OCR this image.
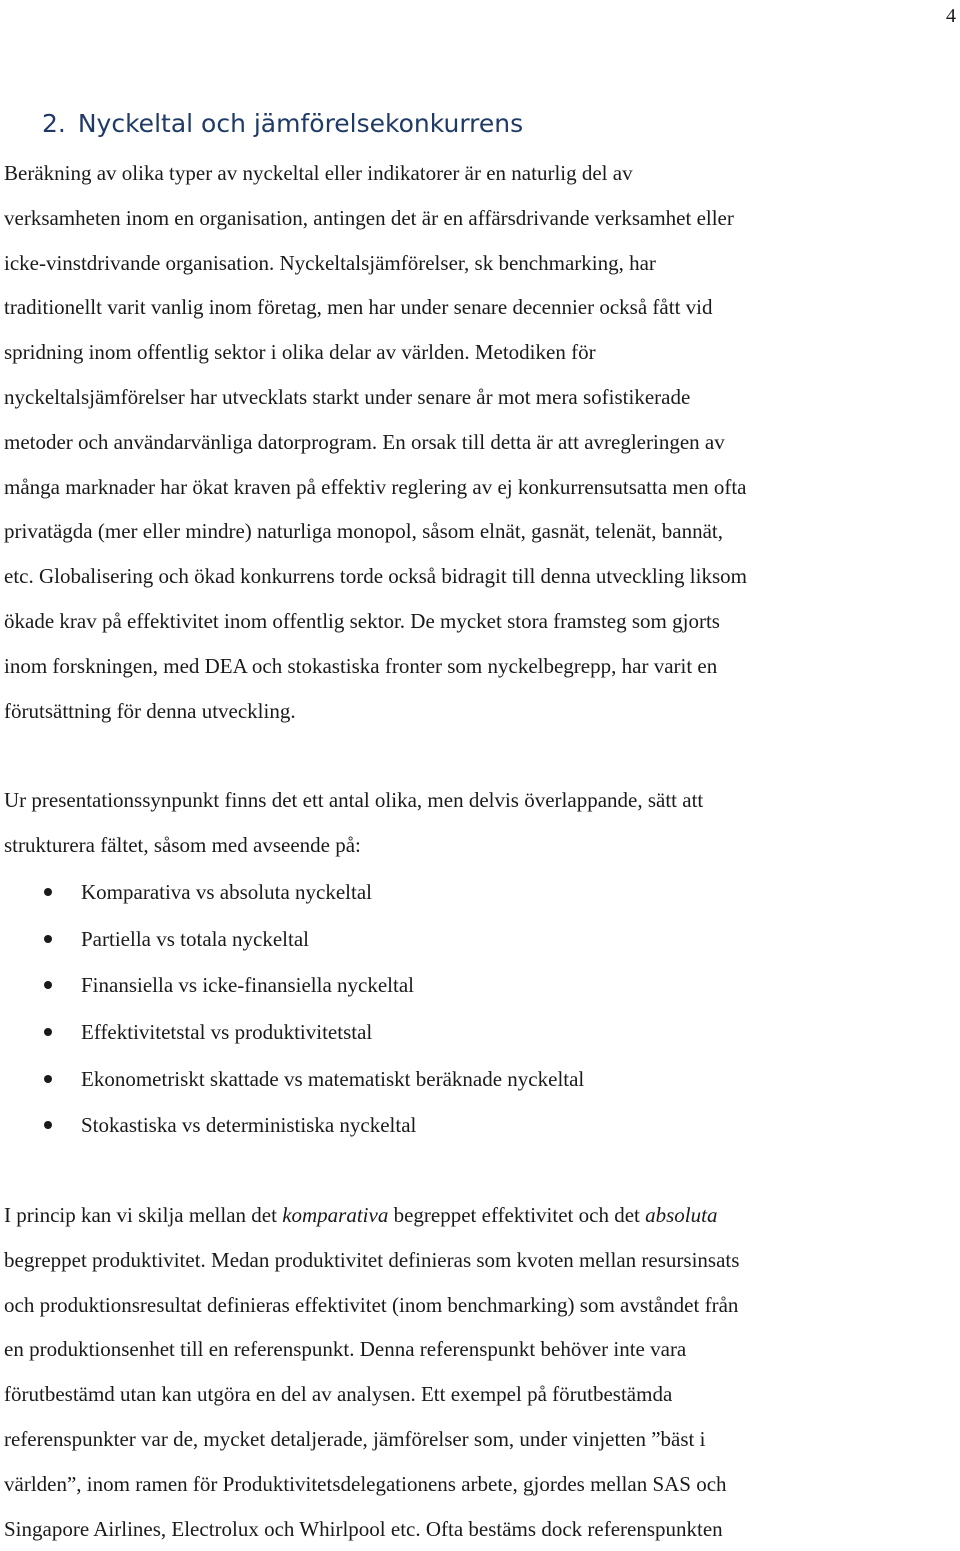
4
2. Nyckeltal och jämförelsekonkurrens

Beräkning av olika typer av nyckeltal eller indikatorer är en naturlig del av
verksamheten inom en organisation, antingen det är en affärsdrivande verksamhet eller
icke-vinstdrivande organisation. Nyckeltalsjämförelser, sk benchmarking, har
traditionellt varit vanlig inom företag, men har under senare decennier också fått vid
spridning inom offentlig sektor i olika delar av världen. Metodiken för
nyckeltalsjämförelser har utvecklats starkt under senare år mot mera sofistikerade
metoder och användarvänliga datorprogram. En orsak till detta är att avregleringen av
många marknader har ökat kraven på effektiv reglering av ej konkurrensutsatta men ofta
privatägda (mer eller mindre) naturliga monopol, såsom elnät, gasnät, telenät, bannät,
etc. Globalisering och ökad konkurrens torde också bidragit till denna utveckling liksom
ökade krav på effektivitet inom offentlig sektor. De mycket stora framsteg som gjorts
inom forskningen, med DEA och stokastiska fronter som nyckelbegrepp, har varit en
förutsättning för denna utveckling.

Ur presentationssynpunkt finns det ett antal olika, men delvis överlappande, sätt att
strukturera fältet, såsom med avseende på:

Komparativa vs absoluta nyckeltal
Partiella vs totala nyckeltal
Finansiella vs icke-finansiella nyckeltal
Effektivitetstal vs produktivitetstal
Ekonometriskt skattade vs matematiskt beräknade nyckeltal
Stokastiska vs deterministiska nyckeltal

I princip kan vi skilja mellan det komparativa begreppet effektivitet och det absoluta
begreppet produktivitet. Medan produktivitet definieras som kvoten mellan resursinsats
och produktionsresultat definieras effektivitet (inom benchmarking) som avståndet från
en produktionsenhet till en referenspunkt. Denna referenspunkt behöver inte vara
förutbestämd utan kan utgöra en del av analysen. Ett exempel på förutbestämda
referenspunkter var de, mycket detaljerade, jämförelser som, under vinjetten ”bäst i
världen”, inom ramen för Produktivitetsdelegationens arbete, gjordes mellan SAS och
Singapore Airlines, Electrolux och Whirlpool etc. Ofta bestäms dock referenspunkten
